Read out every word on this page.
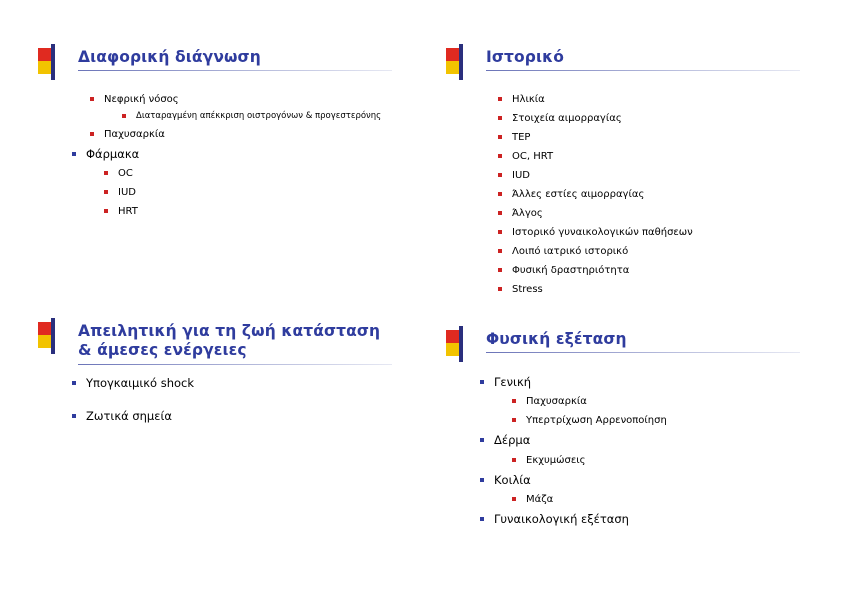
Διαφορική διάγνωση
Νεφρική νόσος
Διαταραγμένη απέκκριση οιστρογόνων & προγεστερόνης
Παχυσαρκία
Φάρμακα
OC
IUD
HRT
Ιστορικό
Ηλικία
Στοιχεία αιμορραγίας
TEP
OC, HRT
IUD
Άλλες εστίες αιμορραγίας
Άλγος
Ιστορικό γυναικολογικών παθήσεων
Λοιπό ιατρικό ιστορικό
Φυσική δραστηριότητα
Stress
Απειλητική για τη ζωή κατάσταση & άμεσες ενέργειες
Υπογκαιμικό shock
Ζωτικά σημεία
Φυσική εξέταση
Γενική
Παχυσαρκία
Υπερτρίχωση Αρρενοποίηση
Δέρμα
Εκχυμώσεις
Κοιλία
Μάζα
Γυναικολογική εξέταση
